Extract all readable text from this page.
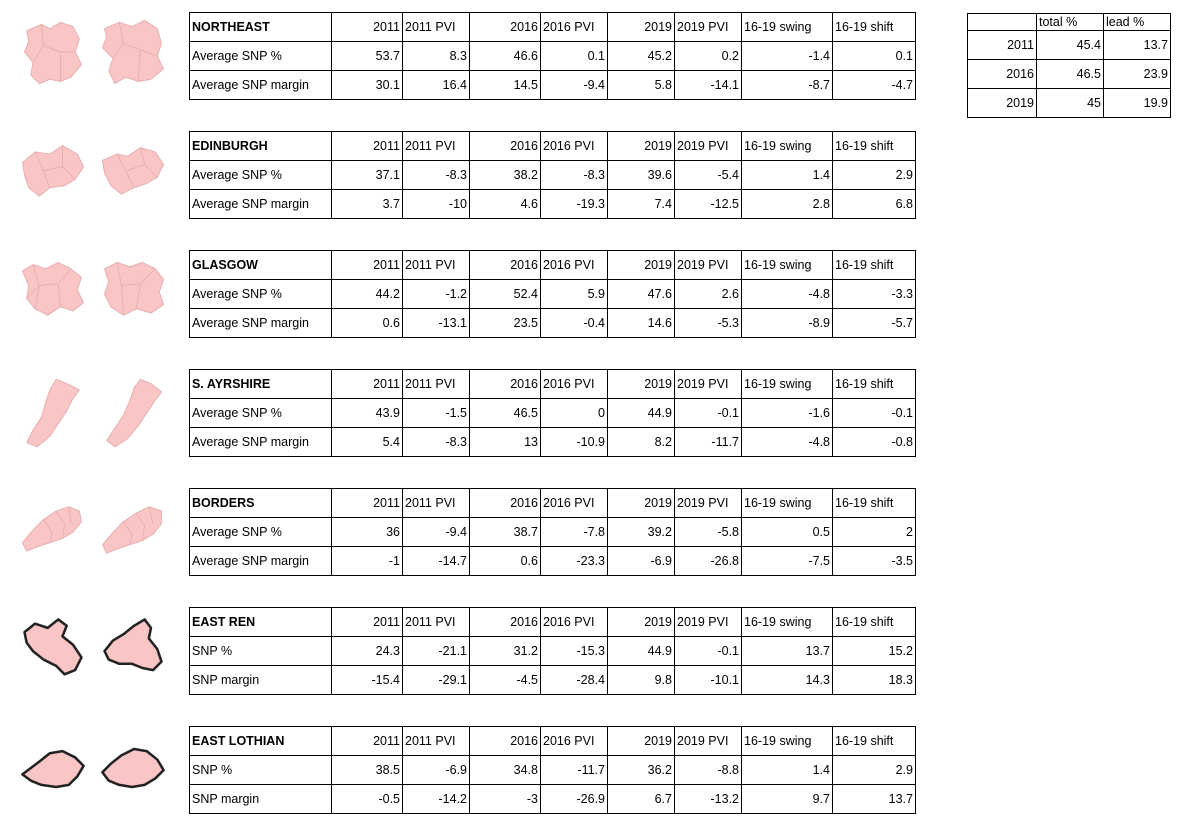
NORTHEAST	2011	2011 PVI	2016	2016 PVI	2019	2019 PVI	16-19 swing	16-19 shift
Average SNP %	53.7	8.3	46.6	0.1	45.2	0.2	-1.4	0.1
Average SNP margin	30.1	16.4	14.5	-9.4	5.8	-14.1	-8.7	-4.7
EDINBURGH	2011	2011 PVI	2016	2016 PVI	2019	2019 PVI	16-19 swing	16-19 shift
Average SNP %	37.1	-8.3	38.2	-8.3	39.6	-5.4	1.4	2.9
Average SNP margin	3.7	-10	4.6	-19.3	7.4	-12.5	2.8	6.8
GLASGOW	2011	2011 PVI	2016	2016 PVI	2019	2019 PVI	16-19 swing	16-19 shift
Average SNP %	44.2	-1.2	52.4	5.9	47.6	2.6	-4.8	-3.3
Average SNP margin	0.6	-13.1	23.5	-0.4	14.6	-5.3	-8.9	-5.7
S. AYRSHIRE	2011	2011 PVI	2016	2016 PVI	2019	2019 PVI	16-19 swing	16-19 shift
Average SNP %	43.9	-1.5	46.5	0	44.9	-0.1	-1.6	-0.1
Average SNP margin	5.4	-8.3	13	-10.9	8.2	-11.7	-4.8	-0.8
BORDERS	2011	2011 PVI	2016	2016 PVI	2019	2019 PVI	16-19 swing	16-19 shift
Average SNP %	36	-9.4	38.7	-7.8	39.2	-5.8	0.5	2
Average SNP margin	-1	-14.7	0.6	-23.3	-6.9	-26.8	-7.5	-3.5
EAST REN	2011	2011 PVI	2016	2016 PVI	2019	2019 PVI	16-19 swing	16-19 shift
SNP %	24.3	-21.1	31.2	-15.3	44.9	-0.1	13.7	15.2
SNP margin	-15.4	-29.1	-4.5	-28.4	9.8	-10.1	14.3	18.3
EAST LOTHIAN	2011	2011 PVI	2016	2016 PVI	2019	2019 PVI	16-19 swing	16-19 shift
SNP %	38.5	-6.9	34.8	-11.7	36.2	-8.8	1.4	2.9
SNP margin	-0.5	-14.2	-3	-26.9	6.7	-13.2	9.7	13.7
	total %	lead %
2011	45.4	13.7
2016	46.5	23.9
2019	45	19.9
